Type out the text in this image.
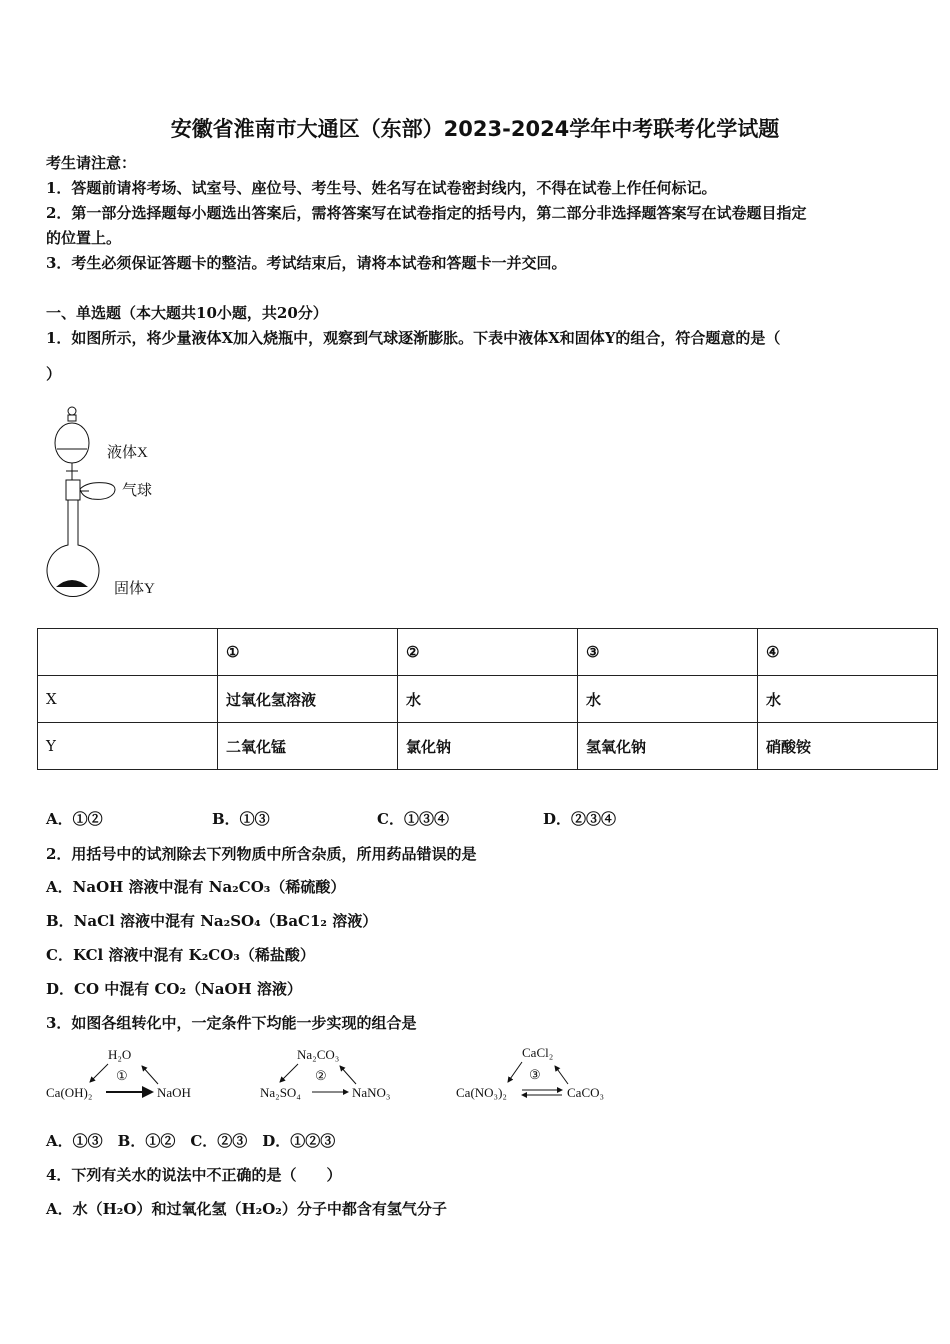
安徽省淮南市大通区（东部）2023-2024学年中考联考化学试题
考生请注意：
1．答题前请将考场、试室号、座位号、考生号、姓名写在试卷密封线内，不得在试卷上作任何标记。
2．第一部分选择题每小题选出答案后，需将答案写在试卷指定的括号内，第二部分非选择题答案写在试卷题目指定
的位置上。
3．考生必须保证答题卡的整洁。考试结束后，请将本试卷和答题卡一并交回。
一、单选题（本大题共10小题，共20分）
1．如图所示，将少量液体X加入烧瓶中，观察到气球逐渐膨胀。下表中液体X和固体Y的组合，符合题意的是（
）
液体X
气球
固体Y
	①	②	③	④
X	过氧化氢溶液	水	水	水
Y	二氧化锰	氯化钠	氢氧化钠	硝酸铵
A．①②	B．①③	C．①③④	D．②③④
2．用括号中的试剂除去下列物质中所含杂质，所用药品错误的是
A．NaOH 溶液中混有 Na₂CO₃（稀硫酸）
B．NaCl 溶液中混有 Na₂SO₄（BaC1₂ 溶液）
C．KCl 溶液中混有 K₂CO₃（稀盐酸）
D．CO 中混有 CO₂（NaOH 溶液）
3．如图各组转化中，一定条件下均能一步实现的组合是
H₂O
①
Ca(OH)₂	NaOH
Na₂CO₃
②
Na₂SO₄	NaNO₃
CaCl₂
③
Ca(NO₃)₂	CaCO₃
A．①③　B．①②　C．②③　D．①②③
4．下列有关水的说法中不正确的是（　　）
A．水（H₂O）和过氧化氢（H₂O₂）分子中都含有氢气分子
